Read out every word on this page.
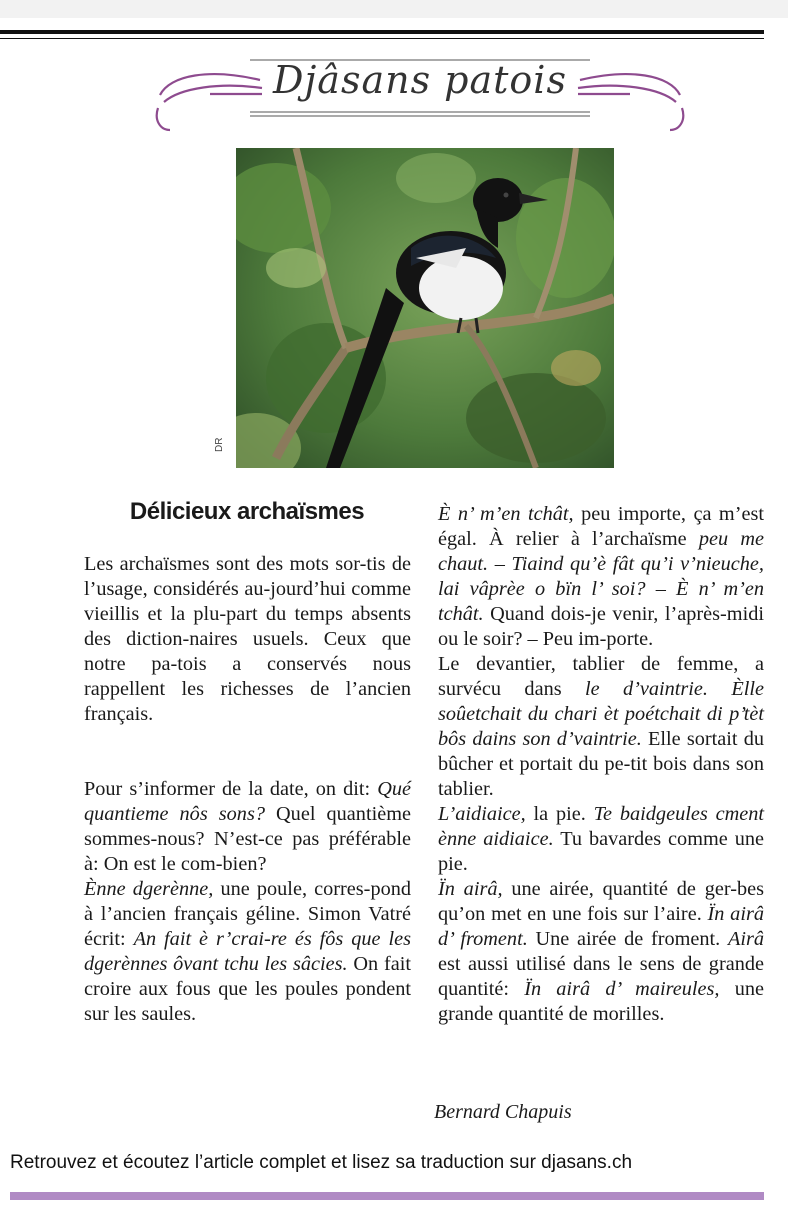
Djâsans patois
DR
Délicieux archaïsmes

Les archaïsmes sont des mots sor-tis de l’usage, considérés au-jourd’hui comme vieillis et la plu-part du temps absents des diction-naires usuels. Ceux que notre pa-tois a conservés nous rappellent les richesses de l’ancien français.

Pour s’informer de la date, on dit: Qué quantieme nôs sons? Quel quantième sommes-nous? N’est-ce pas préférable à: On est le com-bien?

Ènne dgerènne, une poule, corres-pond à l’ancien français géline. Simon Vatré écrit: An fait è r’crai-re és fôs que les dgerènnes ôvant tchu les sâcies. On fait croire aux fous que les poules pondent sur les saules.

È n’ m’en tchât, peu importe, ça m’est égal. À relier à l’archaïsme peu me chaut. – Tiaind qu’è fât qu’i v’nieuche, lai vâprèe o bïn l’ soi? – È n’ m’en tchât. Quand dois-je venir, l’après-midi ou le soir? – Peu im-porte.

Le devantier, tablier de femme, a survécu dans le d’vaintrie. Èlle soûetchait du chari èt poétchait di p’tèt bôs dains son d’vaintrie. Elle sortait du bûcher et portait du pe-tit bois dans son tablier.

L’aidiaice, la pie. Te baidgeules cment ènne aidiaice. Tu bavardes comme une pie.

Ïn airâ, une airée, quantité de ger-bes qu’on met en une fois sur l’aire. Ïn airâ d’ froment. Une airée de froment. Airâ est aussi utilisé dans le sens de grande quantité: Ïn airâ d’ maireules, une grande quantité de morilles.

Bernard Chapuis
Retrouvez et écoutez l’article complet et lisez sa traduction sur djasans.ch
